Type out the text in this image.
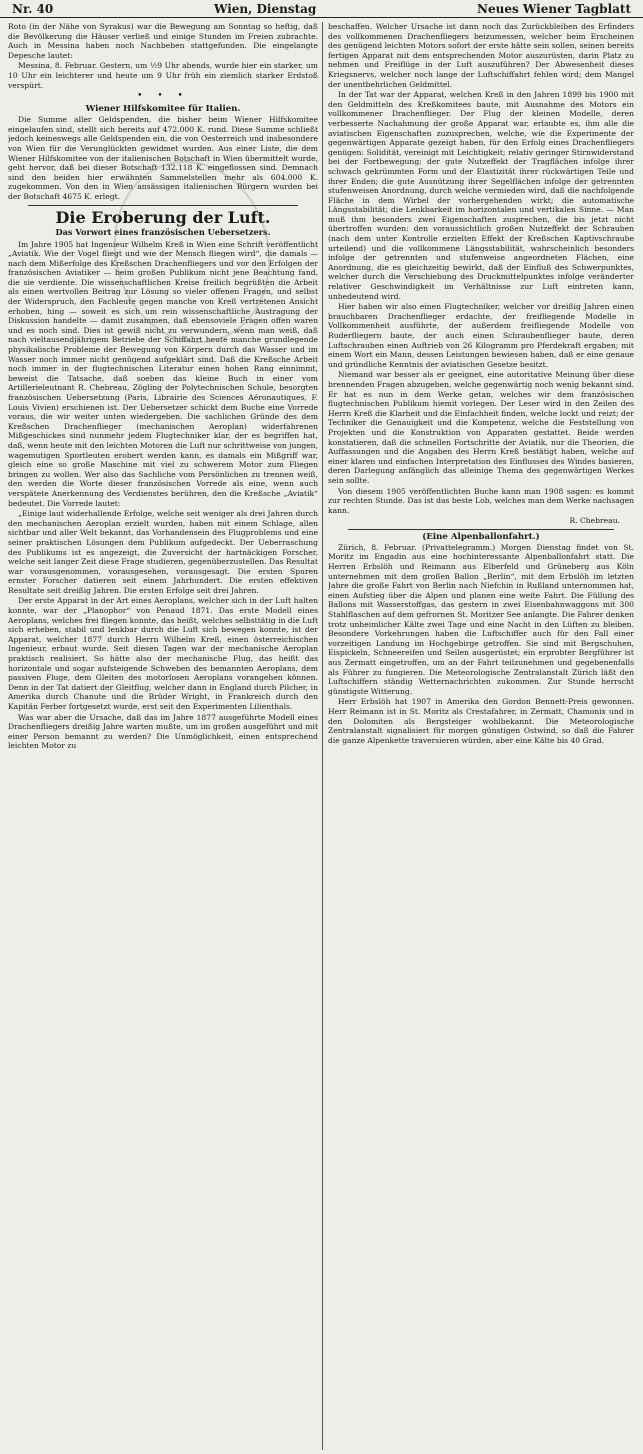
Nr. 40	Wien, Dienstag	Neues Wiener Tagblatt

Roto (in der Nähe von Syrakus) war die Bewegung am Sonntag so heftig, daß die Bevölkerung die Häuser verließ und einige Stunden im Freien zubrachte. Auch in Messina haben noch Nachbeben stattgefunden. Die eingelangte Depesche lautet:

Messina, 8. Februar. Gestern, um ½9 Uhr abends, wurde hier ein starker, um 10 Uhr ein leichterer und heute um 9 Uhr früh ein ziemlich starker Erdstoß verspürt.

• • •
Wiener Hilfskomitee für Italien.

Die Summe aller Geldspenden, die bisher beim Wiener Hilfskomitee eingelaufen sind, stellt sich bereits auf 472.000 K. rund. Diese Summe schließt jedoch keineswegs alle Geldspenden ein, die von Oesterreich und insbesondere von Wien für die Verunglückten gewidmet wurden. Aus einer Liste, die dem Wiener Hilfskomitee von der italienischen Botschaft in Wien übermittelt wurde, geht hervor, daß bei dieser Botschaft 132.118 K. eingeflossen sind. Demnach sind den beiden hier erwähnten Sammelstellen mehr als 604.000 K. zugekommen. Von den in Wien ansässigen italienischen Bürgern wurden bei der Botschaft 4675 K. erlegt.

Die Eroberung der Luft.
Das Vorwort eines französischen Uebersetzers.

Im Jahre 1905 hat Ingenieur Wilhelm Kreß in Wien eine Schrift veröffentlicht „Aviatik. Wie der Vogel fliegt und wie der Mensch fliegen wird“, die damals — nach dem Mißerfolge des Kreßschen Drachenfliegers und vor den Erfolgen der französischen Aviatiker — beim großen Publikum nicht jene Beachtung fand, die sie verdiente. Die wissenschaftlichen Kreise freilich begrüßten die Arbeit als einen wertvollen Beitrag zur Lösung so vieler offenen Fragen, und selbst der Widerspruch, den Fachleute gegen manche von Kreß vertretenen Ansicht erhoben, hing — soweit es sich um rein wissenschaftliche Austragung der Diskussion handelte — damit zusammen, daß ebensoviele Fragen offen waren und es noch sind. Dies ist gewiß nicht zu verwundern, wenn man weiß, daß nach vieltausendjährigem Betriebe der Schiffahrt heute manche grundlegende physikalische Probleme der Bewegung von Körpern durch das Wasser und im Wasser noch immer nicht genügend aufgeklärt sind. Daß die Kreßsche Arbeit noch immer in der flugtechnischen Literatur einen hohen Rang einnimmt, beweist die Tatsache, daß soeben das kleine Buch in einer vom Artillerieleutnant R. Chebreau, Zögling der Polytechnischen Schule, besorgten französischen Uebersetzung (Paris, Librairie des Sciences Aéronautiques, F. Louis Vivien) erschienen ist. Der Uebersetzer schickt dem Buche eine Vorrede voraus, die wir weiter unten wiedergeben. Die sachlichen Gründe des dem Kreßschen Drachenflieger (mechanischen Aeroplan) widerfahrenen Mißgeschickes sind nunmehr jedem Flugtechniker klar, der es begriffen hat, daß, wenn heute mit den leichten Motoren die Luft nur schrittweise von jungen, wagemutigen Sportleuten erobert werden kann, es damals ein Mißgriff war, gleich eine so große Maschine mit viel zu schwerem Motor zum Fliegen bringen zu wollen. Wer also das Sachliche vom Persönlichen zu trennen weiß, den werden die Worte dieser französischen Vorrede als eine, wenn auch verspätete Anerkennung des Verdienstes berühren, den die Kreßsche „Aviatik“ bedeutet. Die Vorrede lautet:

„Einige laut widerhallende Erfolge, welche seit weniger als drei Jahren durch den mechanischen Aeroplan erzielt wurden, haben mit einem Schlage, allen sichtbar und aller Welt bekannt, das Vorhandensein des Flugproblems und eine seiner praktischen Lösungen dem Publikum aufgedeckt. Der Ueberraschung des Publikums ist es angezeigt, die Zuversicht der hartnäckigen Forscher, welche seit langer Zeit diese Frage studieren, gegenüberzustellen. Das Resultat war vorausgenommen, vorausgesehen, vorausgesagt. Die ersten Spuren ernster Forscher datieren seit einem Jahrhundert. Die ersten effektiven Resultate seit dreißig Jahren. Die ersten Erfolge seit drei Jahren.

Der erste Apparat in der Art eines Aeroplans, welcher sich in der Luft halten konnte, war der „Planophor“ von Penaud 1871. Das erste Modell eines Aeroplans, welches frei fliegen konnte, das heißt, welches selbsttätig in die Luft sich erheben, stabil und lenkbar durch die Luft sich bewegen konnte, ist der Apparat, welcher 1877 durch Herrn Wilhelm Kreß, einen österreichischen Ingenieur, erbaut wurde. Seit diesen Tagen war der mechanische Aeroplan praktisch realisiert. So hätte also der mechanische Flug, das heißt das horizontale und sogar aufsteigende Schweben des bemannten Aeroplans, dem passiven Fluge, dem Gleiten des motorlosen Aeroplans vorangehen können. Denn in der Tat datiert der Gleitflug, welcher dann in England durch Pilcher, in Amerika durch Chanute und die Brüder Wright, in Frankreich durch den Kapitän Ferber fortgesetzt wurde, erst seit den Experimenten Lilienthals.

Was war aber die Ursache, daß das im Jahre 1877 ausgeführte Modell eines Drachenfliegers dreißig Jahre warten mußte, um im großen ausgeführt und mit einer Person bemannt zu werden? Die Unmöglichkeit, einen entsprechend leichten Motor zu

beschaffen. Welcher Ursache ist dann noch das Zurückbleiben des Erfinders des vollkommenen Drachenfliegers beizumessen, welcher beim Erscheinen des genügend leichten Motors sofort der erste hätte sein sollen, seinen bereits fertigen Apparat mit dem entsprechenden Motor auszurüsten, darin Platz zu nehmen und Freiflüge in der Luft auszuführen? Der Abwesenheit dieses Kriegsnervs, welcher noch lange der Luftschiffahrt fehlen wird; dem Mangel der unentbehrlichen Geldmittel.

In der Tat war der Apparat, welchen Kreß in den Jahren 1899 bis 1900 mit den Geldmitteln des Kreßkomitees baute, mit Ausnahme des Motors ein vollkommener Drachenflieger. Der Flug der kleinen Modelle, deren verbesserte Nachahmung der große Apparat war, erlaubte es, ihm alle die aviatischen Eigenschaften zuzusprechen, welche, wie die Experimente der gegenwärtigen Apparate gezeigt haben, für den Erfolg eines Drachenfliegers genügen: Solidität, vereinigt mit Leichtigkeit; relativ geringer Stirnwiderstand bei der Fortbewegung; der gute Nutzeffekt der Tragflächen infolge ihrer schwach gekrümmten Form und der Elastizität ihrer rückwärtigen Teile und ihrer Enden; die gute Ausnützung ihrer Segelflächen infolge der getrennten stufenweisen Anordnung, durch welche vermieden wird, daß die nachfolgende Fläche in dem Wirbel der vorhergehenden wirkt; die automatische Längsstabilität; die Lenkbarkeit im horizontalen und vertikalen Sinne. — Man muß ihm besonders zwei Eigenschaften zusprechen, die bis jetzt nicht übertroffen wurden: den voraussichtlich großen Nutzeffekt der Schrauben (nach dem unter Kontrolle erzielten Effekt der Kreßschen Kaptivschraube urteilend) und die vollkommene Längsstabilität, wahrscheinlich besonders infolge der getrennten und stufenweise angeordneten Flächen, eine Anordnung, die es gleichzeitig bewirkt, daß der Einfluß des Schwerpunktes, welcher durch die Verschiebung des Druckmittelpunktes infolge veränderter relativer Geschwindigkeit im Verhältnisse zur Luft eintreten kann, unbedeutend wird.

Hier haben wir also einen Flugtechniker, welcher vor dreißig Jahren einen brauchbaren Drachenflieger erdachte, der freifliegende Modelle in Vollkommenheit ausführte, der außerdem freifliegende Modelle von Ruderfliegern baute, der auch einen Schraubenflieger baute, deren Luftschrauben einen Auftrieb von 26 Kilogramm pro Pferdekraft ergaben; mit einem Wort ein Mann, dessen Leistungen bewiesen haben, daß er eine genaue und gründliche Kenntnis der aviatischen Gesetze besitzt.

Niemand war besser als er geeignet, eine autoritative Meinung über diese brennenden Fragen abzugeben, welche gegenwärtig noch wenig bekannt sind. Er hat es nun in dem Werke getan, welches wir dem französischen flugtechnischen Publikum hiemit vorlegen. Der Leser wird in den Zeilen des Herrn Kreß die Klarheit und die Einfachheit finden, welche lockt und reizt; der Techniker die Genauigkeit und die Kompetenz, welche die Feststellung von Projekten und die Konstruktion von Apparaten gestattet. Beide werden konstatieren, daß die schnellen Fortschritte der Aviatik, nur die Theorien, die Auffassungen und die Angaben des Herrn Kreß bestätigt haben, welche auf einer klaren und einfachen Interpretation des Einflusses des Windes basieren, deren Darlegung anfänglich das alleinige Thema des gegenwärtigen Werkes sein sollte.

Von diesem 1905 veröffentlichten Buche kann man 1908 sagen: es kommt zur rechten Stunde. Das ist das beste Lob, welches man dem Werke nachsagen kann.

R. Chebreau.
(Eine Alpenballonfahrt.)

Zürich, 8. Februar. (Privattelegramm.) Morgen Dienstag findet von St. Moritz im Engadin aus eine hochinteressante Alpenballonfahrt statt. Die Herren Erbslöh und Reimann aus Elberfeld und Grüneberg aus Köln unternehmen mit dem großen Ballon „Berlin“, mit dem Erbslöh im letzten Jahre die große Fahrt von Berlin nach Niefchin in Rußland unternommen hat, einen Aufstieg über die Alpen und planen eine weite Fahrt. Die Füllung des Ballons mit Wasserstoffgas, das gestern in zwei Eisenbahnwaggons mit 300 Stahlflaschen auf dem gefrornen St. Moritzer See anlangte. Die Fahrer denken trotz unheimlicher Kälte zwei Tage und eine Nacht in den Lüften zu bleiben. Besondere Vorkehrungen haben die Luftschiffer auch für den Fall einer vorzeitigen Landung im Hochgebirge getroffen. Sie sind mit Bergschuhen, Eispickeln, Schneereifen und Seilen ausgerüstet; ein erprobter Bergführer ist aus Zermatt eingetroffen, um an der Fahrt teilzunehmen und gegebenenfalls als Führer zu fungieren. Die Meteorologische Zentralanstalt Zürich läßt den Luftschiffern ständig Wetternachrichten zukommen. Zur Stunde herrscht günstigste Witterung.

Herr Erbslöh hat 1907 in Amerika den Gordon Bennett-Preis gewonnen. Herr Reimann ist in St. Moritz als Crestafahrer, in Zermatt, Chamonix und in den Dolomiten als Bergsteiger wohlbekannt. Die Meteorologische Zentralanstalt signalisiert für morgen günstigen Ostwind, so daß die Fahrer die ganze Alpenkette traversieren würden, aber eine Kälte bis 40 Grad.
